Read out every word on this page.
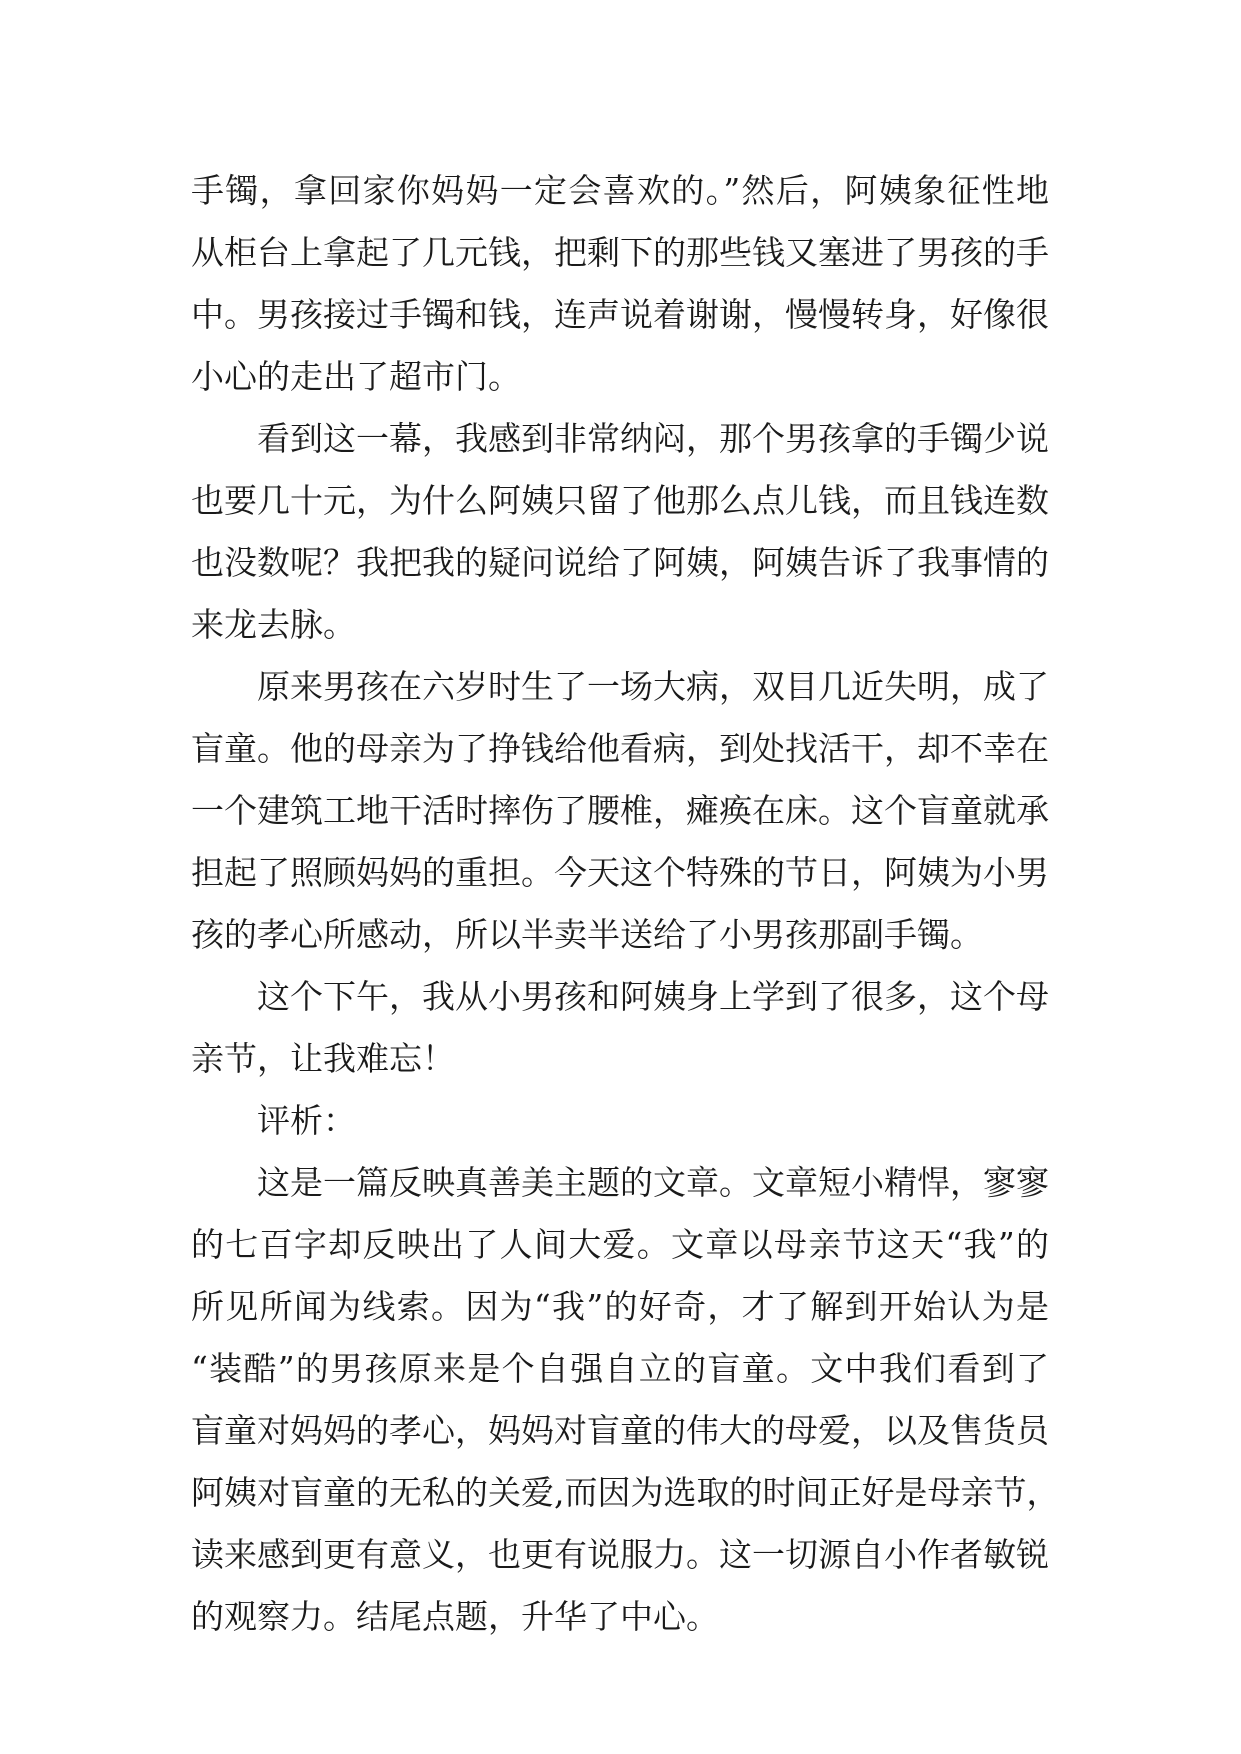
手镯，拿回家你妈妈一定会喜欢的。”然后，阿姨象征性地
从柜台上拿起了几元钱，把剩下的那些钱又塞进了男孩的手
中。男孩接过手镯和钱，连声说着谢谢，慢慢转身，好像很
小心的走出了超市门。
看到这一幕，我感到非常纳闷，那个男孩拿的手镯少说
也要几十元，为什么阿姨只留了他那么点儿钱，而且钱连数
也没数呢？我把我的疑问说给了阿姨，阿姨告诉了我事情的
来龙去脉。
原来男孩在六岁时生了一场大病，双目几近失明，成了
盲童。他的母亲为了挣钱给他看病，到处找活干，却不幸在
一个建筑工地干活时摔伤了腰椎，瘫痪在床。这个盲童就承
担起了照顾妈妈的重担。今天这个特殊的节日，阿姨为小男
孩的孝心所感动，所以半卖半送给了小男孩那副手镯。
这个下午，我从小男孩和阿姨身上学到了很多，这个母
亲节，让我难忘！
评析：
这是一篇反映真善美主题的文章。文章短小精悍，寥寥
的七百字却反映出了人间大爱。文章以母亲节这天“我”的
所见所闻为线索。因为“我”的好奇，才了解到开始认为是
“装酷”的男孩原来是个自强自立的盲童。文中我们看到了
盲童对妈妈的孝心，妈妈对盲童的伟大的母爱，以及售货员
阿姨对盲童的无私的关爱,而因为选取的时间正好是母亲节，
读来感到更有意义，也更有说服力。这一切源自小作者敏锐
的观察力。结尾点题，升华了中心。
